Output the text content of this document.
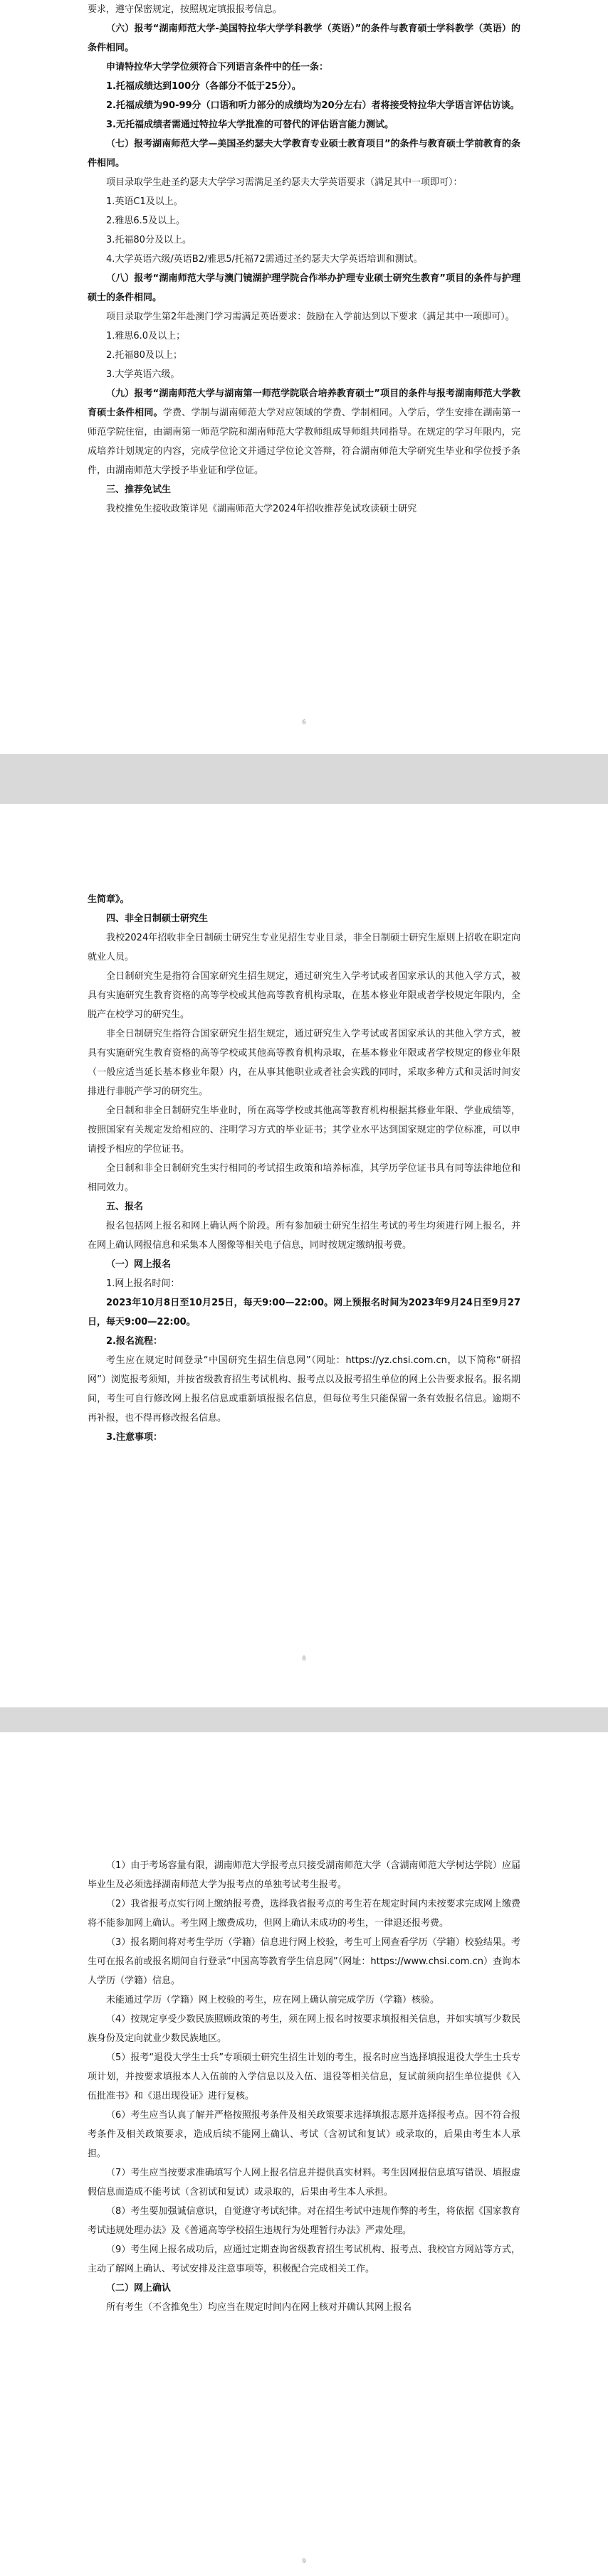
要求，遵守保密规定，按照规定填报报考信息。

（六）报考“湖南师范大学-美国特拉华大学学科教学（英语）”的条件与教育硕士学科教学（英语）的条件相同。

申请特拉华大学学位须符合下列语言条件中的任一条：

1.托福成绩达到100分（各部分不低于25分）。

2.托福成绩为90-99分（口语和听力部分的成绩均为20分左右）者将接受特拉华大学语言评估访谈。

3.无托福成绩者需通过特拉华大学批准的可替代的评估语言能力测试。

（七）报考湖南师范大学—美国圣约瑟夫大学教育专业硕士教育项目”的条件与教育硕士学前教育的条件相同。

项目录取学生赴圣约瑟夫大学学习需满足圣约瑟夫大学英语要求（满足其中一项即可）：

1.英语C1及以上。

2.雅思6.5及以上。

3.托福80分及以上。

4.大学英语六级/英语B2/雅思5/托福72需通过圣约瑟夫大学英语培训和测试。

（八）报考“湖南师范大学与澳门镜湖护理学院合作举办护理专业硕士研究生教育”项目的条件与护理硕士的条件相同。

项目录取学生第2年赴澳门学习需满足英语要求：鼓励在入学前达到以下要求（满足其中一项即可）。

1.雅思6.0及以上；

2.托福80及以上；

3.大学英语六级。

（九）报考“湖南师范大学与湖南第一师范学院联合培养教育硕士”项目的条件与报考湖南师范大学教育硕士条件相同。学费、学制与湖南师范大学对应领域的学费、学制相同。入学后，学生安排在湖南第一师范学院住宿，由湖南第一师范学院和湖南师范大学教师组成导师组共同指导。在规定的学习年限内，完成培养计划规定的内容，完成学位论文并通过学位论文答辩，符合湖南师范大学研究生毕业和学位授予条件，由湖南师范大学授予毕业证和学位证。

三、推荐免试生

我校推免生接收政策详见《湖南师范大学2024年招收推荐免试攻读硕士研究

6

生简章》。

四、非全日制硕士研究生

我校2024年招收非全日制硕士研究生专业见招生专业目录，非全日制硕士研究生原则上招收在职定向就业人员。

全日制研究生是指符合国家研究生招生规定，通过研究生入学考试或者国家承认的其他入学方式，被具有实施研究生教育资格的高等学校或其他高等教育机构录取，在基本修业年限或者学校规定年限内，全脱产在校学习的研究生。

非全日制研究生指符合国家研究生招生规定，通过研究生入学考试或者国家承认的其他入学方式，被具有实施研究生教育资格的高等学校或其他高等教育机构录取，在基本修业年限或者学校规定的修业年限（一般应适当延长基本修业年限）内，在从事其他职业或者社会实践的同时，采取多种方式和灵活时间安排进行非脱产学习的研究生。

全日制和非全日制研究生毕业时，所在高等学校或其他高等教育机构根据其修业年限、学业成绩等，按照国家有关规定发给相应的、注明学习方式的毕业证书；其学业水平达到国家规定的学位标准，可以申请授予相应的学位证书。

全日制和非全日制研究生实行相同的考试招生政策和培养标准，其学历学位证书具有同等法律地位和相同效力。

五、报名

报名包括网上报名和网上确认两个阶段。所有参加硕士研究生招生考试的考生均须进行网上报名，并在网上确认网报信息和采集本人图像等相关电子信息，同时按规定缴纳报考费。

（一）网上报名

1.网上报名时间：

2023年10月8日至10月25日，每天9:00—22:00。网上预报名时间为2023年9月24日至9月27日，每天9:00—22:00。

2.报名流程：

考生应在规定时间登录“中国研究生招生信息网”（网址：https://yz.chsi.com.cn，以下简称“研招网”）浏览报考须知，并按省级教育招生考试机构、报考点以及报考招生单位的网上公告要求报名。报名期间，考生可自行修改网上报名信息或重新填报报名信息，但每位考生只能保留一条有效报名信息。逾期不再补报，也不得再修改报名信息。

3.注意事项：

8

（1）由于考场容量有限，湖南师范大学报考点只接受湖南师范大学（含湖南师范大学树达学院）应届毕业生及必须选择湖南师范大学为报考点的单独考试考生报考。

（2）我省报考点实行网上缴纳报考费，选择我省报考点的考生若在规定时间内未按要求完成网上缴费将不能参加网上确认。考生网上缴费成功，但网上确认未成功的考生，一律退还报考费。

（3）报名期间将对考生学历（学籍）信息进行网上校验，考生可上网查看学历（学籍）校验结果。考生可在报名前或报名期间自行登录“中国高等教育学生信息网”（网址：https://www.chsi.com.cn）查询本人学历（学籍）信息。

未能通过学历（学籍）网上校验的考生，应在网上确认前完成学历（学籍）核验。

（4）按规定享受少数民族照顾政策的考生，须在网上报名时按要求填报相关信息，并如实填写少数民族身份及定向就业少数民族地区。

（5）报考“退役大学生士兵”专项硕士研究生招生计划的考生，报名时应当选择填报退役大学生士兵专项计划，并按要求填报本人入伍前的入学信息以及入伍、退役等相关信息，复试前须向招生单位提供《入伍批准书》和《退出现役证》进行复核。

（6）考生应当认真了解并严格按照报考条件及相关政策要求选择填报志愿并选择报考点。因不符合报考条件及相关政策要求，造成后续不能网上确认、考试（含初试和复试）或录取的，后果由考生本人承担。

（7）考生应当按要求准确填写个人网上报名信息并提供真实材料。考生因网报信息填写错误、填报虚假信息而造成不能考试（含初试和复试）或录取的，后果由考生本人承担。

（8）考生要加强诚信意识，自觉遵守考试纪律。对在招生考试中违规作弊的考生，将依据《国家教育考试违规处理办法》及《普通高等学校招生违规行为处理暂行办法》严肃处理。

（9）考生网上报名成功后，应通过定期查询省级教育招生考试机构、报考点、我校官方网站等方式，主动了解网上确认、考试安排及注意事项等，积极配合完成相关工作。

（二）网上确认

所有考生（不含推免生）均应当在规定时间内在网上核对并确认其网上报名

9
